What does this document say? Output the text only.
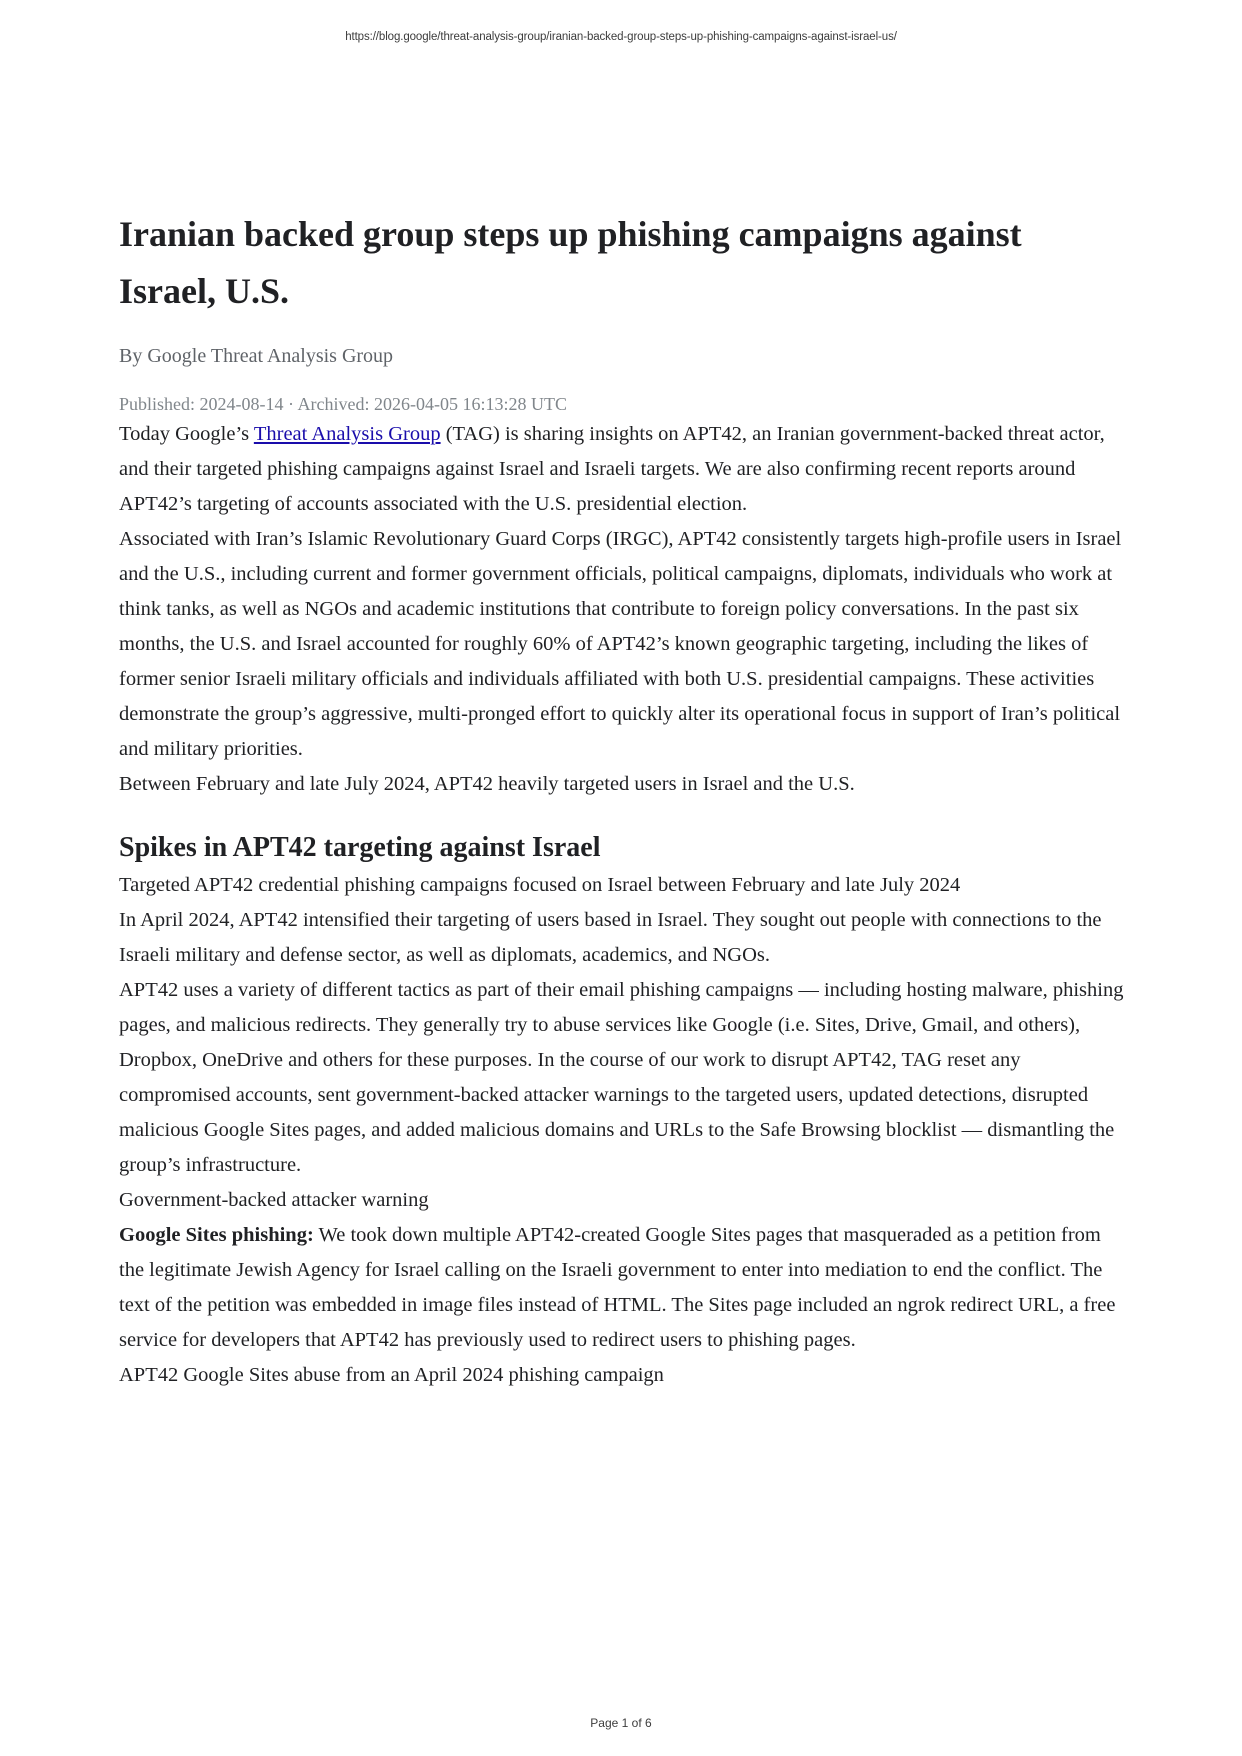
https://blog.google/threat-analysis-group/iranian-backed-group-steps-up-phishing-campaigns-against-israel-us/
Iranian backed group steps up phishing campaigns against Israel, U.S.
By Google Threat Analysis Group
Published: 2024-08-14 · Archived: 2026-04-05 16:13:28 UTC

Today Google’s Threat Analysis Group (TAG) is sharing insights on APT42, an Iranian government-backed threat actor, and their targeted phishing campaigns against Israel and Israeli targets. We are also confirming recent reports around APT42’s targeting of accounts associated with the U.S. presidential election.

Associated with Iran’s Islamic Revolutionary Guard Corps (IRGC), APT42 consistently targets high-profile users in Israel and the U.S., including current and former government officials, political campaigns, diplomats, individuals who work at think tanks, as well as NGOs and academic institutions that contribute to foreign policy conversations. In the past six months, the U.S. and Israel accounted for roughly 60% of APT42’s known geographic targeting, including the likes of former senior Israeli military officials and individuals affiliated with both U.S. presidential campaigns. These activities demonstrate the group’s aggressive, multi-pronged effort to quickly alter its operational focus in support of Iran’s political and military priorities.

Between February and late July 2024, APT42 heavily targeted users in Israel and the U.S.

Spikes in APT42 targeting against Israel

Targeted APT42 credential phishing campaigns focused on Israel between February and late July 2024

In April 2024, APT42 intensified their targeting of users based in Israel. They sought out people with connections to the Israeli military and defense sector, as well as diplomats, academics, and NGOs.

APT42 uses a variety of different tactics as part of their email phishing campaigns — including hosting malware, phishing pages, and malicious redirects. They generally try to abuse services like Google (i.e. Sites, Drive, Gmail, and others), Dropbox, OneDrive and others for these purposes. In the course of our work to disrupt APT42, TAG reset any compromised accounts, sent government-backed attacker warnings to the targeted users, updated detections, disrupted malicious Google Sites pages, and added malicious domains and URLs to the Safe Browsing blocklist — dismantling the group’s infrastructure.

Government-backed attacker warning

Google Sites phishing: We took down multiple APT42-created Google Sites pages that masqueraded as a petition from the legitimate Jewish Agency for Israel calling on the Israeli government to enter into mediation to end the conflict. The text of the petition was embedded in image files instead of HTML. The Sites page included an ngrok redirect URL, a free service for developers that APT42 has previously used to redirect users to phishing pages.

APT42 Google Sites abuse from an April 2024 phishing campaign

Page 1 of 6
